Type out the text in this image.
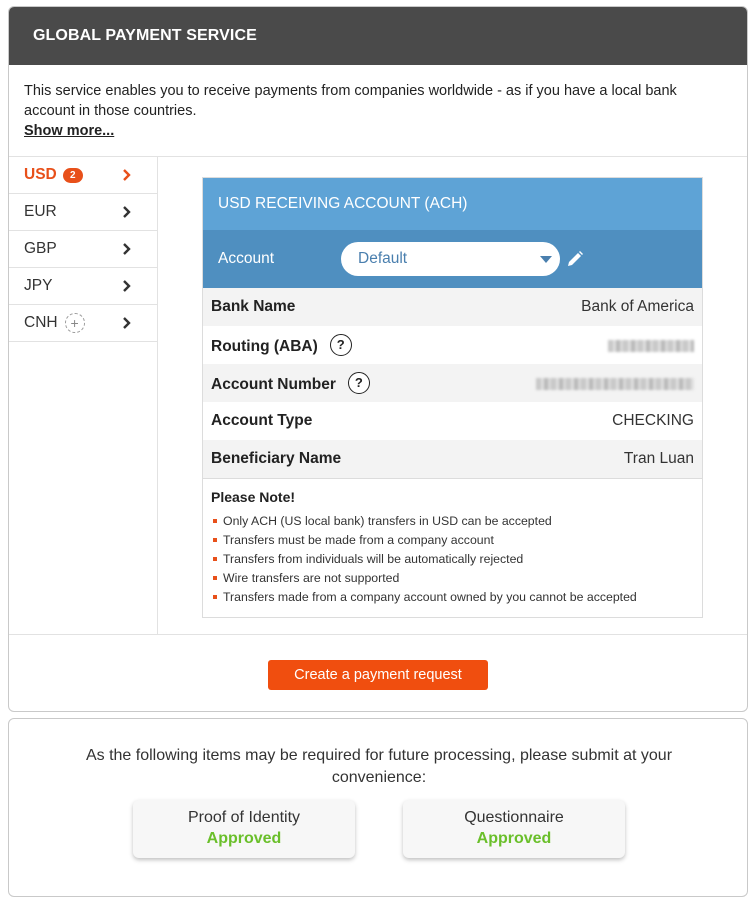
GLOBAL PAYMENT SERVICE
This service enables you to receive payments from companies worldwide - as if you have a local bank account in those countries.
Show more...
USD	2
EUR
GBP
JPY
CNH +
USD RECEIVING ACCOUNT (ACH)
Account	Default
Bank Name	Bank of America
Routing (ABA) ?
Account Number ?
Account Type	CHECKING
Beneficiary Name	Tran Luan
Please Note!
Only ACH (US local bank) transfers in USD can be accepted
Transfers must be made from a company account
Transfers from individuals will be automatically rejected
Wire transfers are not supported
Transfers made from a company account owned by you cannot be accepted
Create a payment request
As the following items may be required for future processing, please submit at your convenience:
Proof of Identity
Approved
Questionnaire
Approved
